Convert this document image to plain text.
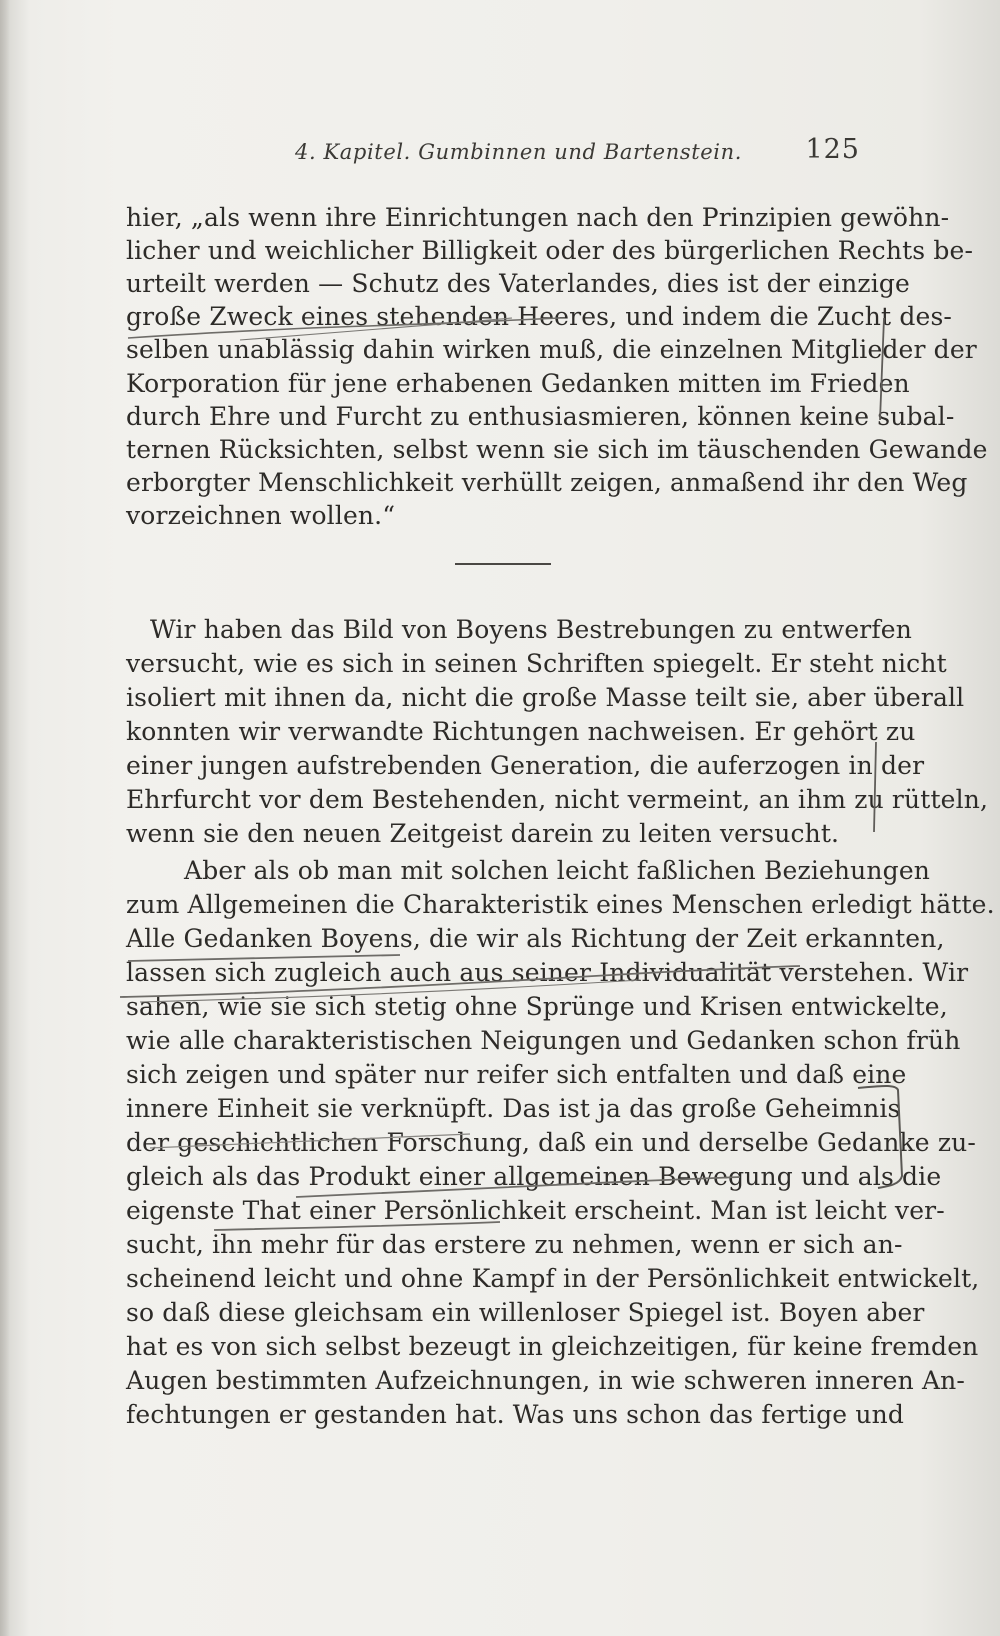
4. Kapitel. Gumbinnen und Bartenstein. 125
hier, „als wenn ihre Einrichtungen nach den Prinzipien gewöhn-
licher und weichlicher Billigkeit oder des bürgerlichen Rechts be-
urteilt werden — Schutz des Vaterlandes, dies ist der einzige
große Zweck eines stehenden Heeres, und indem die Zucht des-
selben unablässig dahin wirken muß, die einzelnen Mitglieder der
Korporation für jene erhabenen Gedanken mitten im Frieden
durch Ehre und Furcht zu enthusiasmieren, können keine subal-
ternen Rücksichten, selbst wenn sie sich im täuschenden Gewande
erborgter Menschlichkeit verhüllt zeigen, anmaßend ihr den Weg
vorzeichnen wollen.“
Wir haben das Bild von Boyens Bestrebungen zu entwerfen
versucht, wie es sich in seinen Schriften spiegelt. Er steht nicht
isoliert mit ihnen da, nicht die große Masse teilt sie, aber überall
konnten wir verwandte Richtungen nachweisen. Er gehört zu
einer jungen aufstrebenden Generation, die auferzogen in der
Ehrfurcht vor dem Bestehenden, nicht vermeint, an ihm zu rütteln,
wenn sie den neuen Zeitgeist darein zu leiten versucht.
Aber als ob man mit solchen leicht faßlichen Beziehungen
zum Allgemeinen die Charakteristik eines Menschen erledigt hätte.
Alle Gedanken Boyens, die wir als Richtung der Zeit erkannten,
lassen sich zugleich auch aus seiner Individualität verstehen. Wir
sahen, wie sie sich stetig ohne Sprünge und Krisen entwickelte,
wie alle charakteristischen Neigungen und Gedanken schon früh
sich zeigen und später nur reifer sich entfalten und daß eine
innere Einheit sie verknüpft. Das ist ja das große Geheimnis
der geschichtlichen Forschung, daß ein und derselbe Gedanke zu-
gleich als das Produkt einer allgemeinen Bewegung und als die
eigenste That einer Persönlichkeit erscheint. Man ist leicht ver-
sucht, ihn mehr für das erstere zu nehmen, wenn er sich an-
scheinend leicht und ohne Kampf in der Persönlichkeit entwickelt,
so daß diese gleichsam ein willenloser Spiegel ist. Boyen aber
hat es von sich selbst bezeugt in gleichzeitigen, für keine fremden
Augen bestimmten Aufzeichnungen, in wie schweren inneren An-
fechtungen er gestanden hat. Was uns schon das fertige und
